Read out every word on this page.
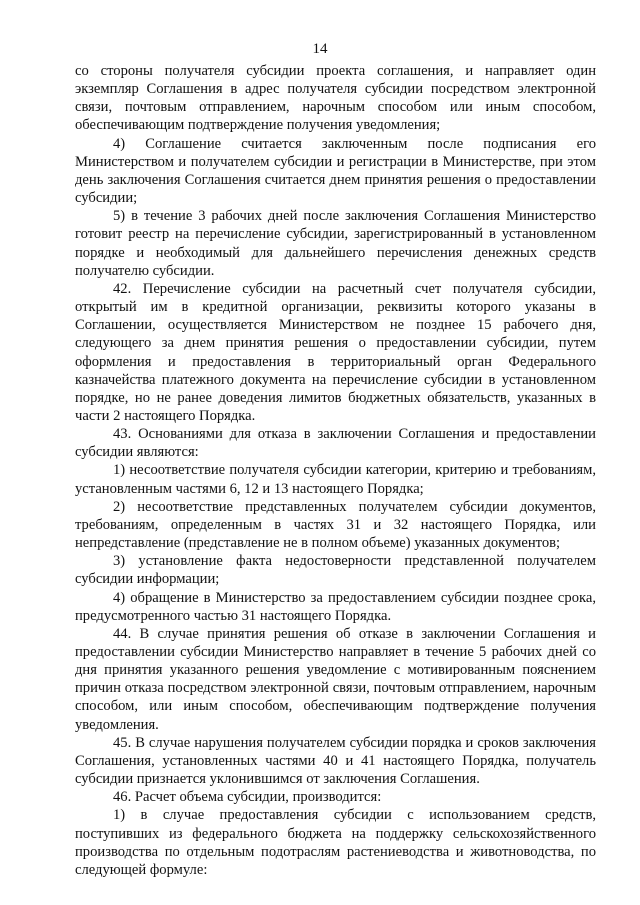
14

со стороны получателя субсидии проекта соглашения, и направляет один экземпляр Соглашения в адрес получателя субсидии посредством электронной связи, почтовым отправлением, нарочным способом или иным способом, обеспечивающим подтверждение получения уведомления;

4) Соглашение считается заключенным после подписания его Министерством и получателем субсидии и регистрации в Министерстве, при этом день заключения Соглашения считается днем принятия решения о предоставлении субсидии;

5) в течение 3 рабочих дней после заключения Соглашения Министерство готовит реестр на перечисление субсидии, зарегистрированный в установленном порядке и необходимый для дальнейшего перечисления денежных средств получателю субсидии.

42. Перечисление субсидии на расчетный счет получателя субсидии, открытый им в кредитной организации, реквизиты которого указаны в Соглашении, осуществляется Министерством не позднее 15 рабочего дня, следующего за днем принятия решения о предоставлении субсидии, путем оформления и предоставления в территориальный орган Федерального казначейства платежного документа на перечисление субсидии в установленном порядке, но не ранее доведения лимитов бюджетных обязательств, указанных в части 2 настоящего Порядка.

43. Основаниями для отказа в заключении Соглашения и предоставлении субсидии являются:

1) несоответствие получателя субсидии категории, критерию и требованиям, установленным частями 6, 12 и 13 настоящего Порядка;

2) несоответствие представленных получателем субсидии документов, требованиям, определенным в частях 31 и 32 настоящего Порядка, или непредставление (представление не в полном объеме) указанных документов;

3) установление факта недостоверности представленной получателем субсидии информации;

4) обращение в Министерство за предоставлением субсидии позднее срока, предусмотренного частью 31 настоящего Порядка.

44. В случае принятия решения об отказе в заключении Соглашения и предоставлении субсидии Министерство направляет в течение 5 рабочих дней со дня принятия указанного решения уведомление с мотивированным пояснением причин отказа посредством электронной связи, почтовым отправлением, нарочным способом, или иным способом, обеспечивающим подтверждение получения уведомления.

45. В случае нарушения получателем субсидии порядка и сроков заключения Соглашения, установленных частями 40 и 41 настоящего Порядка, получатель субсидии признается уклонившимся от заключения Соглашения.

46. Расчет объема субсидии, производится:

1) в случае предоставления субсидии с использованием средств, поступивших из федерального бюджета на поддержку сельскохозяйственного производства по отдельным подотраслям растениеводства и животноводства, по следующей формуле:
